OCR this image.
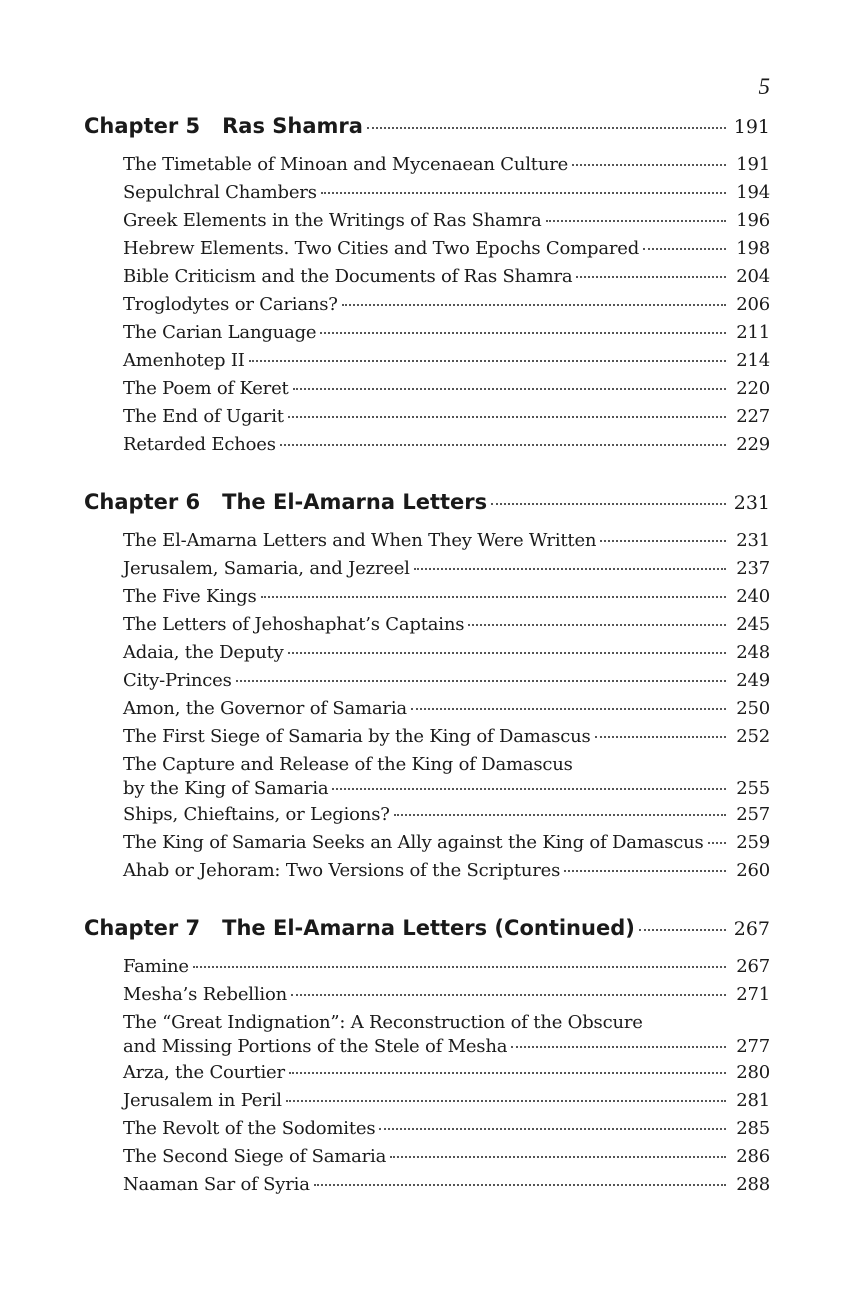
5
Chapter 5 Ras Shamra	191
The Timetable of Minoan and Mycenaean Culture	191
Sepulchral Chambers	194
Greek Elements in the Writings of Ras Shamra	196
Hebrew Elements. Two Cities and Two Epochs Compared	198
Bible Criticism and the Documents of Ras Shamra	204
Troglodytes or Carians?	206
The Carian Language	211
Amenhotep II	214
The Poem of Keret	220
The End of Ugarit	227
Retarded Echoes	229
Chapter 6 The El-Amarna Letters	231
The El-Amarna Letters and When They Were Written	231
Jerusalem, Samaria, and Jezreel	237
The Five Kings	240
The Letters of Jehoshaphat’s Captains	245
Adaia, the Deputy	248
City-Princes	249
Amon, the Governor of Samaria	250
The First Siege of Samaria by the King of Damascus	252
The Capture and Release of the King of Damascus
by the King of Samaria	255
Ships, Chieftains, or Legions?	257
The King of Samaria Seeks an Ally against the King of Damascus 259
Ahab or Jehoram: Two Versions of the Scriptures	260
Chapter 7 The El-Amarna Letters (Continued)	267
Famine	267
Mesha’s Rebellion	271
The “Great Indignation”: A Reconstruction of the Obscure
and Missing Portions of the Stele of Mesha	277
Arza, the Courtier	280
Jerusalem in Peril	281
The Revolt of the Sodomites	285
The Second Siege of Samaria	286
Naaman Sar of Syria	288
